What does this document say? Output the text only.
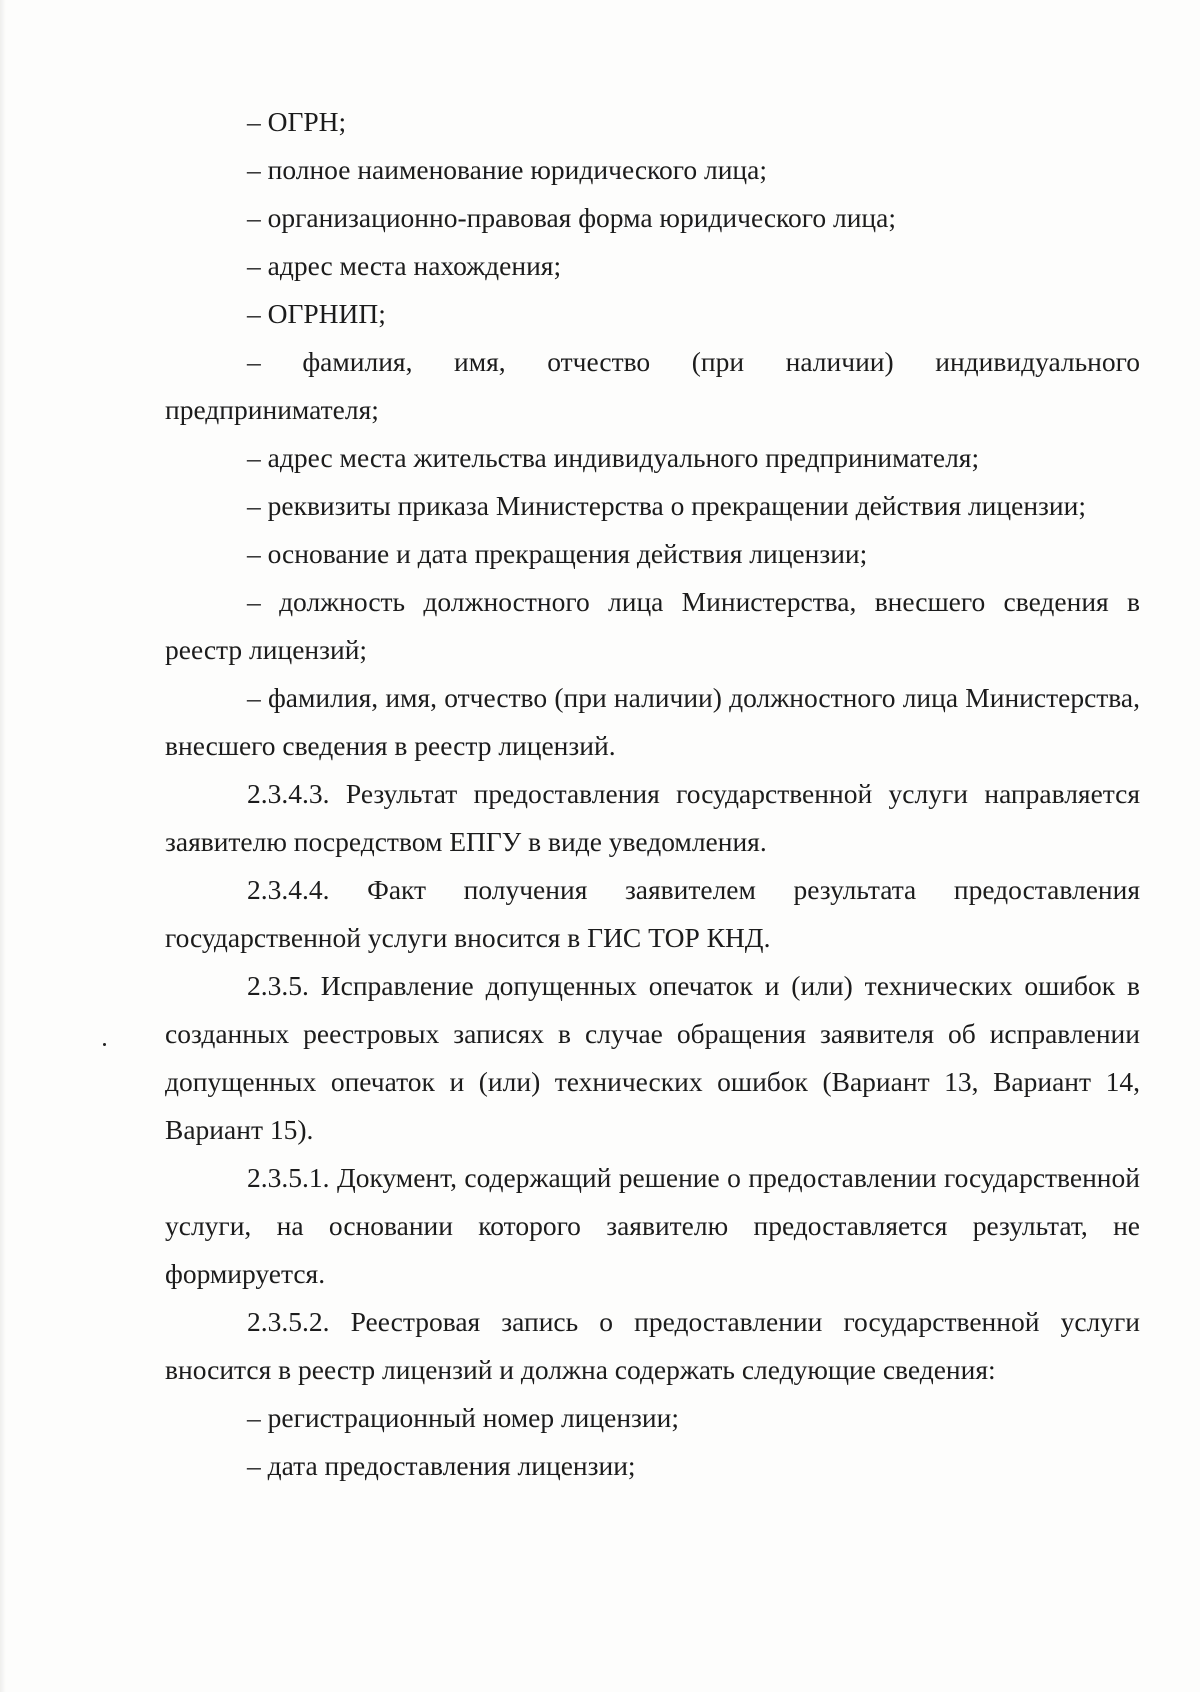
– ОГРН;

– полное наименование юридического лица;

– организационно-правовая форма юридического лица;

– адрес места нахождения;

– ОГРНИП;

– фамилия, имя, отчество (при наличии) индивидуального предпринимателя;

– адрес места жительства индивидуального предпринимателя;

– реквизиты приказа Министерства о прекращении действия лицензии;

– основание и дата прекращения действия лицензии;

– должность должностного лица Министерства, внесшего сведения в реестр лицензий;

– фамилия, имя, отчество (при наличии) должностного лица Министерства, внесшего сведения в реестр лицензий.

2.3.4.3. Результат предоставления государственной услуги направляется заявителю посредством ЕПГУ в виде уведомления.

2.3.4.4. Факт получения заявителем результата предоставления государственной услуги вносится в ГИС ТОР КНД.

2.3.5. Исправление допущенных опечаток и (или) технических ошибок в созданных реестровых записях в случае обращения заявителя об исправлении допущенных опечаток и (или) технических ошибок (Вариант 13, Вариант 14, Вариант 15).

2.3.5.1. Документ, содержащий решение о предоставлении государственной услуги, на основании которого заявителю предоставляется результат, не формируется.

2.3.5.2. Реестровая запись о предоставлении государственной услуги вносится в реестр лицензий и должна содержать следующие сведения:

– регистрационный номер лицензии;

– дата предоставления лицензии;
